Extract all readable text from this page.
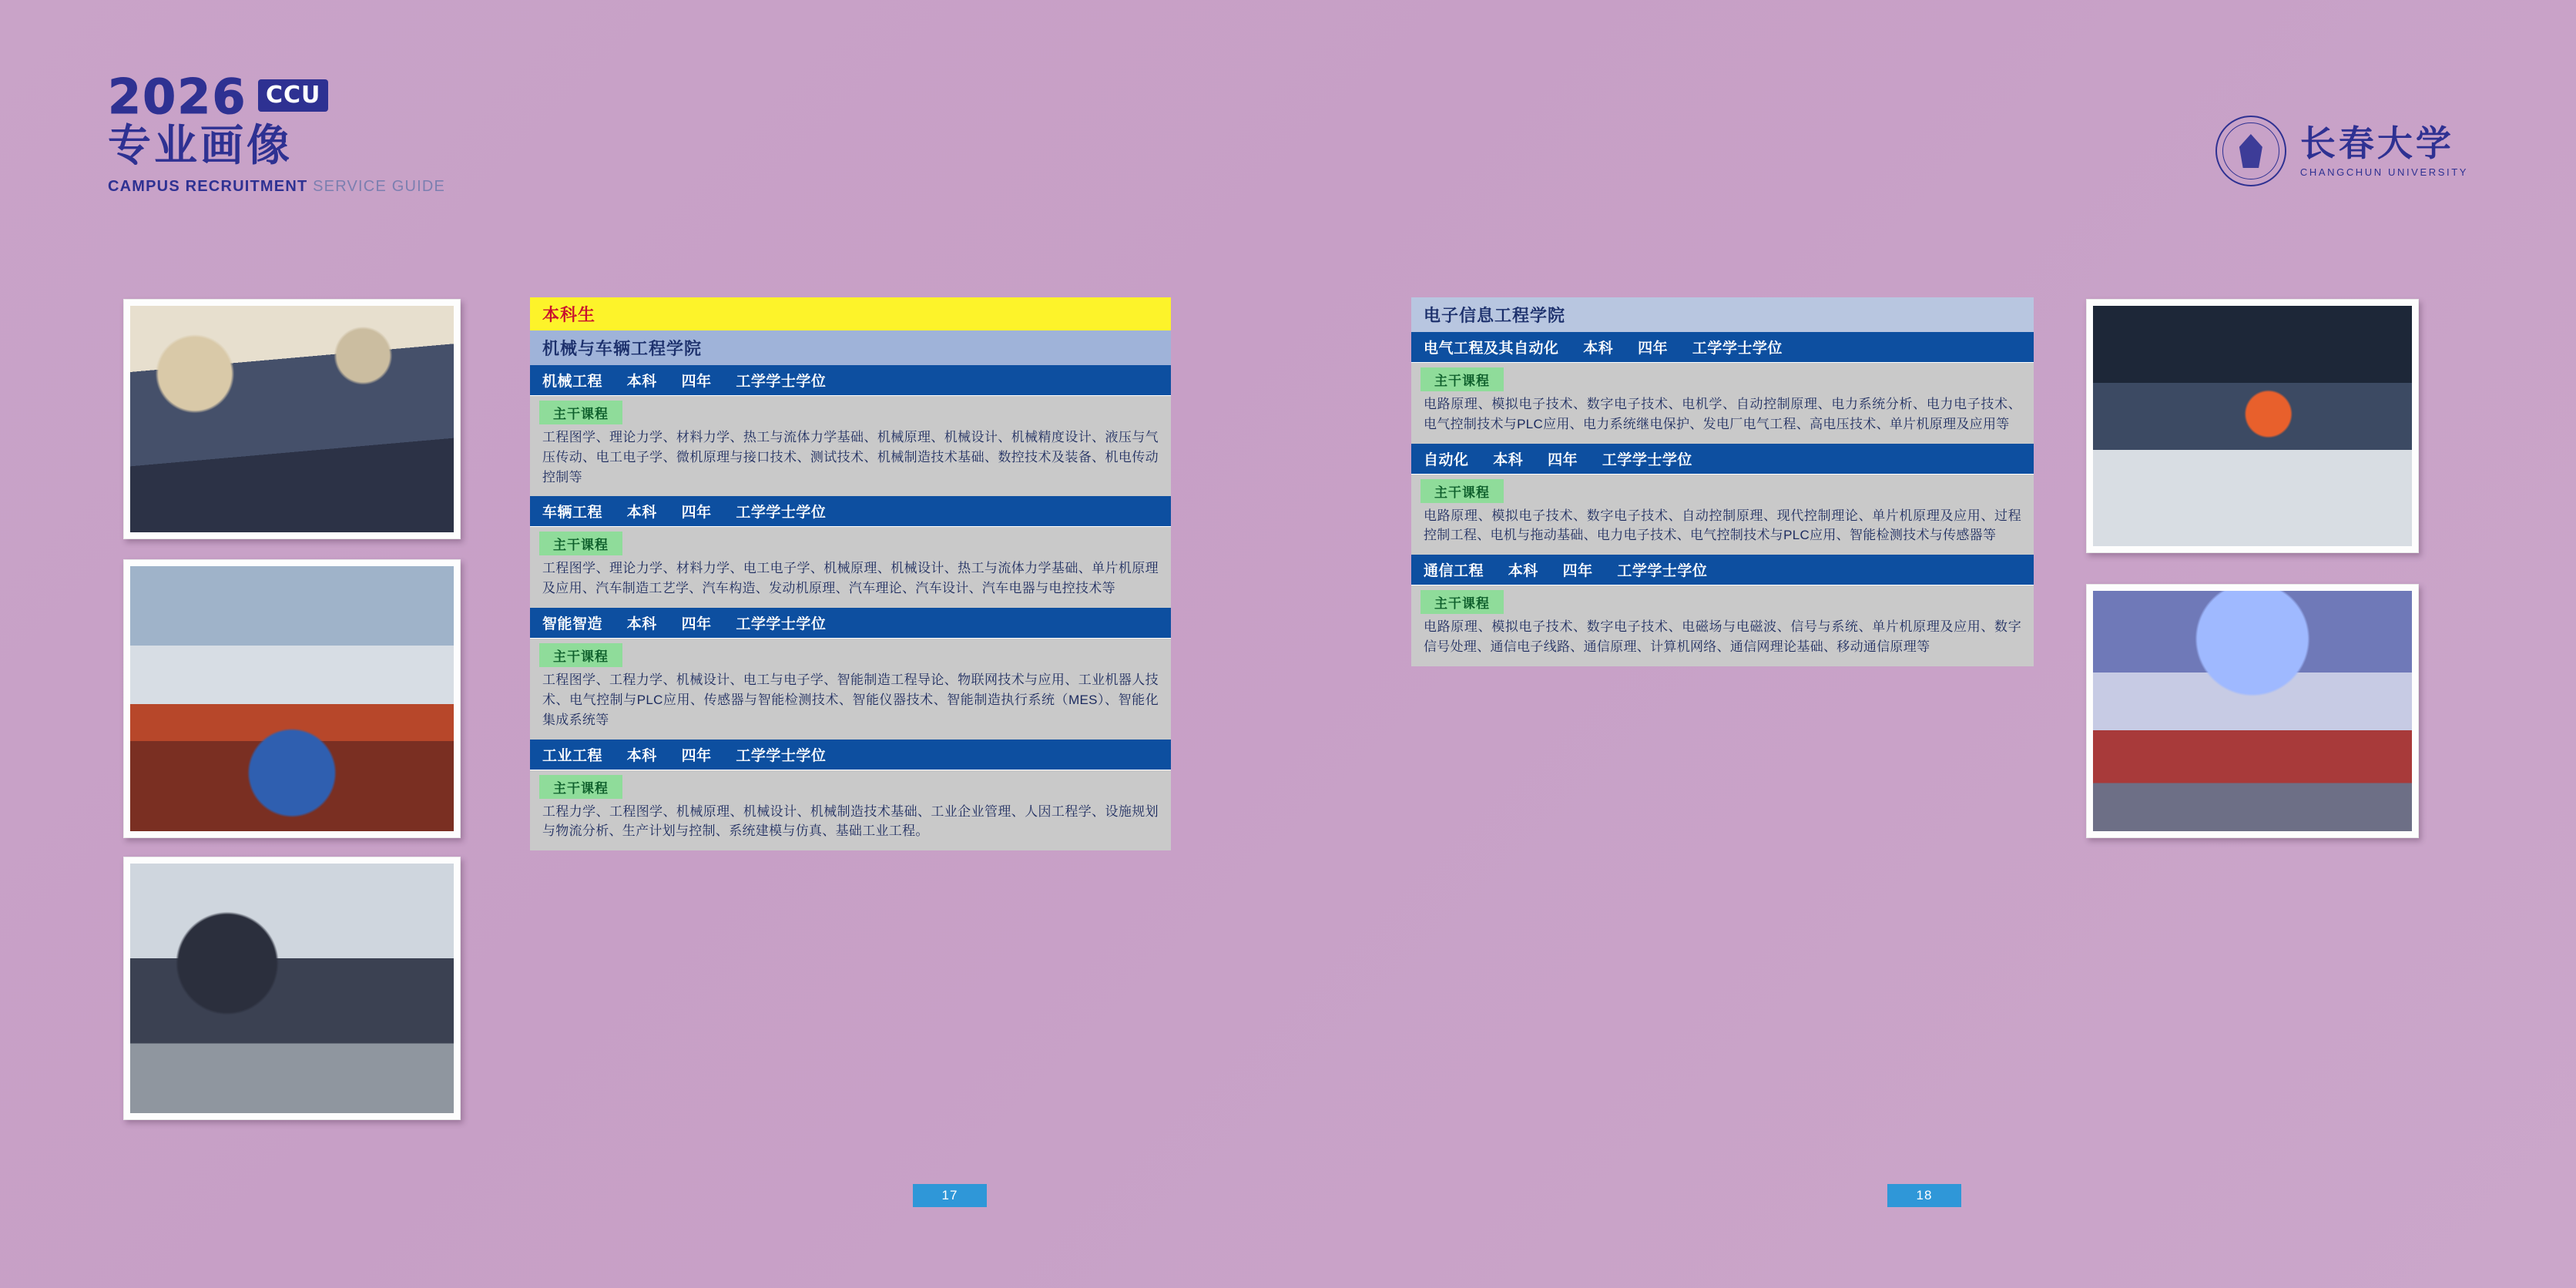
2026 CCU
专业画像
CAMPUS RECRUITMENT SERVICE GUIDE
长春大学
CHANGCHUN UNIVERSITY
本科生
机械与车辆工程学院
机械工程 本科 四年 工学学士学位
主干课程
工程图学、理论力学、材料力学、热工与流体力学基础、机械原理、机械设计、机械精度设计、液压与气压传动、电工电子学、微机原理与接口技术、测试技术、机械制造技术基础、数控技术及装备、机电传动控制等
车辆工程 本科 四年 工学学士学位
主干课程
工程图学、理论力学、材料力学、电工电子学、机械原理、机械设计、热工与流体力学基础、单片机原理及应用、汽车制造工艺学、汽车构造、发动机原理、汽车理论、汽车设计、汽车电器与电控技术等
智能智造 本科 四年 工学学士学位
主干课程
工程图学、工程力学、机械设计、电工与电子学、智能制造工程导论、物联网技术与应用、工业机器人技术、电气控制与PLC应用、传感器与智能检测技术、智能仪器技术、智能制造执行系统（MES）、智能化集成系统等
工业工程 本科 四年 工学学士学位
主干课程
工程力学、工程图学、机械原理、机械设计、机械制造技术基础、工业企业管理、人因工程学、设施规划与物流分析、生产计划与控制、系统建模与仿真、基础工业工程。
电子信息工程学院
电气工程及其自动化 本科 四年 工学学士学位
主干课程
电路原理、模拟电子技术、数字电子技术、电机学、自动控制原理、电力系统分析、电力电子技术、电气控制技术与PLC应用、电力系统继电保护、发电厂电气工程、高电压技术、单片机原理及应用等
自动化 本科 四年 工学学士学位
主干课程
电路原理、模拟电子技术、数字电子技术、自动控制原理、现代控制理论、单片机原理及应用、过程控制工程、电机与拖动基础、电力电子技术、电气控制技术与PLC应用、智能检测技术与传感器等
通信工程 本科 四年 工学学士学位
主干课程
电路原理、模拟电子技术、数字电子技术、电磁场与电磁波、信号与系统、单片机原理及应用、数字信号处理、通信电子线路、通信原理、计算机网络、通信网理论基础、移动通信原理等
17	18
